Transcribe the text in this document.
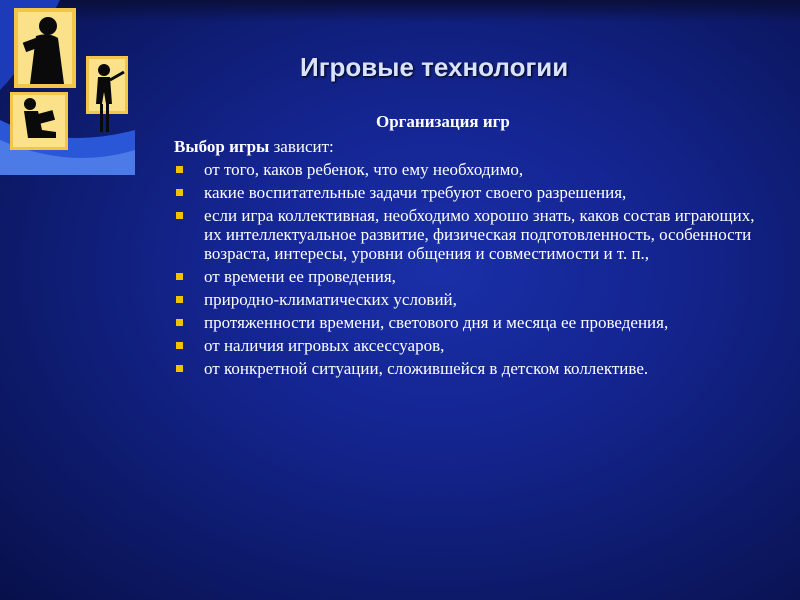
Игровые технологии
Организация игр
Выбор игры зависит:
от того, каков ребенок, что ему необходимо,
какие воспитательные задачи требуют своего разрешения,
если игра коллективная, необходимо хорошо знать, каков состав играющих, их интеллектуальное развитие, физическая подготовленность, особенности возраста, интересы, уровни общения и совместимости и т. п.,
от времени ее проведения,
природно-климатических условий,
протяженности времени, светового дня и месяца ее проведения,
от наличия игровых аксессуаров,
от конкретной ситуации, сложившейся в детском коллективе.
